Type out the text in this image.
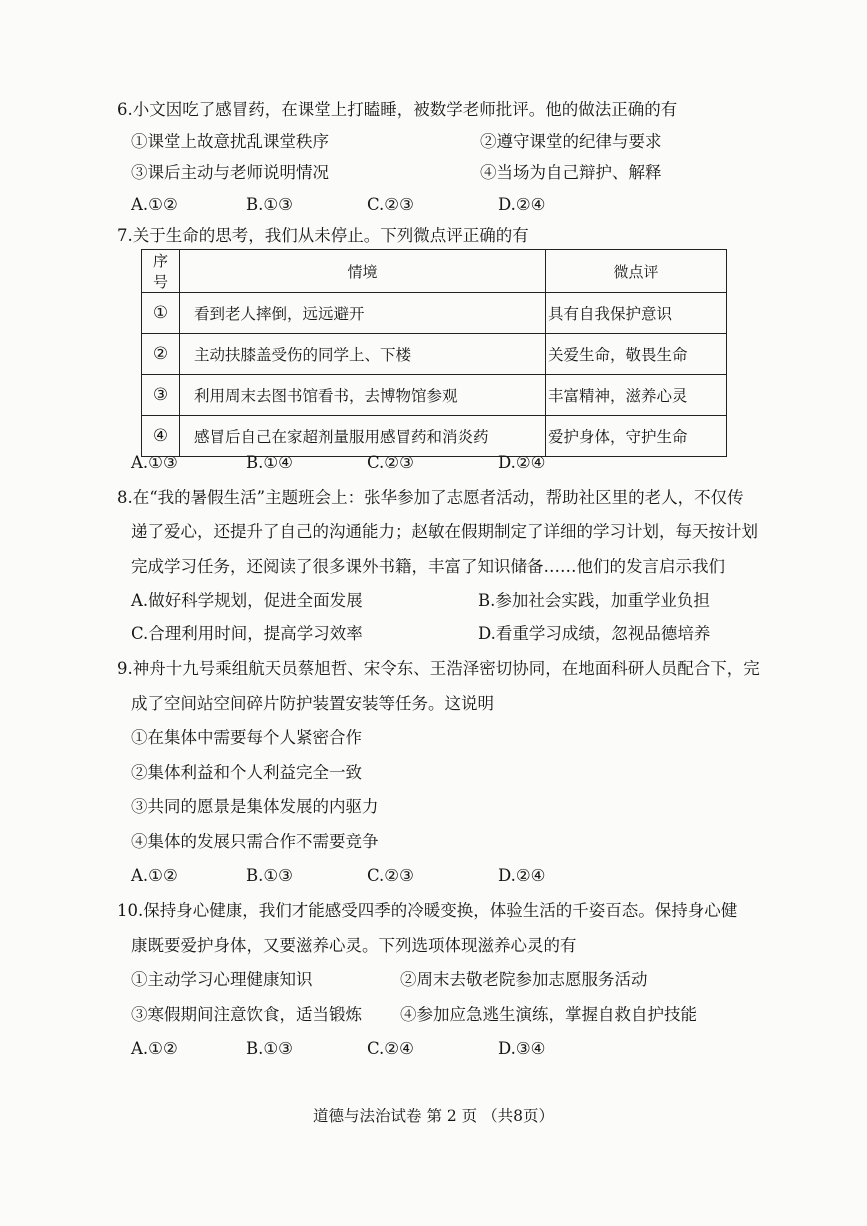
6.小文因吃了感冒药，在课堂上打瞌睡，被数学老师批评。他的做法正确的有
①课堂上故意扰乱课堂秩序	②遵守课堂的纪律与要求
③课后主动与老师说明情况	④当场为自己辩护、解释
A.①②	B.①③	C.②③	D.②④
7.关于生命的思考，我们从未停止。下列微点评正确的有
序号	情境	微点评
①	看到老人摔倒，远远避开	具有自我保护意识
②	主动扶膝盖受伤的同学上、下楼	关爱生命，敬畏生命
③	利用周末去图书馆看书，去博物馆参观	丰富精神，滋养心灵
④	感冒后自己在家超剂量服用感冒药和消炎药	爱护身体，守护生命
A.①③	B.①④	C.②③	D.②④
8.在“我的暑假生活”主题班会上：张华参加了志愿者活动，帮助社区里的老人，不仅传
递了爱心，还提升了自己的沟通能力；赵敏在假期制定了详细的学习计划，每天按计划
完成学习任务，还阅读了很多课外书籍，丰富了知识储备……他们的发言启示我们
A.做好科学规划，促进全面发展	B.参加社会实践，加重学业负担
C.合理利用时间，提高学习效率	D.看重学习成绩，忽视品德培养
9.神舟十九号乘组航天员蔡旭哲、宋令东、王浩泽密切协同，在地面科研人员配合下，完
成了空间站空间碎片防护装置安装等任务。这说明
①在集体中需要每个人紧密合作
②集体利益和个人利益完全一致
③共同的愿景是集体发展的内驱力
④集体的发展只需合作不需要竞争
A.①②	B.①③	C.②③	D.②④
10.保持身心健康，我们才能感受四季的冷暖变换，体验生活的千姿百态。保持身心健
康既要爱护身体，又要滋养心灵。下列选项体现滋养心灵的有
①主动学习心理健康知识	②周末去敬老院参加志愿服务活动
③寒假期间注意饮食，适当锻炼 ④参加应急逃生演练，掌握自救自护技能
A.①②	B.①③	C.②④	D.③④
道德与法治试卷 第 2 页 （共8页）
